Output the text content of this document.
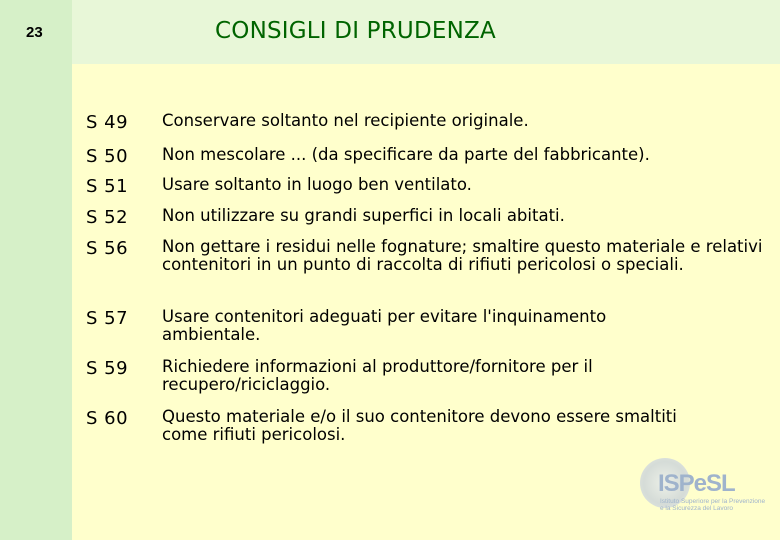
23	CONSIGLI DI PRUDENZA
S 49	Conservare soltanto nel recipiente originale.
S 50	Non mescolare ... (da specificare da parte del fabbricante).
S 51	Usare soltanto in luogo ben ventilato.
S 52	Non utilizzare su grandi superfici in locali abitati.
S 56	Non gettare i residui nelle fognature; smaltire questo materiale e relativi contenitori in un punto di raccolta di rifiuti pericolosi o speciali.
S 57	Usare contenitori adeguati per evitare l'inquinamento ambientale.
S 59	Richiedere informazioni al produttore/fornitore per il recupero/riciclaggio.
S 60	Questo materiale e/o il suo contenitore devono essere smaltiti come rifiuti pericolosi.
ISPeSL
Istituto Superiore per la Prevenzione e la Sicurezza del Lavoro
